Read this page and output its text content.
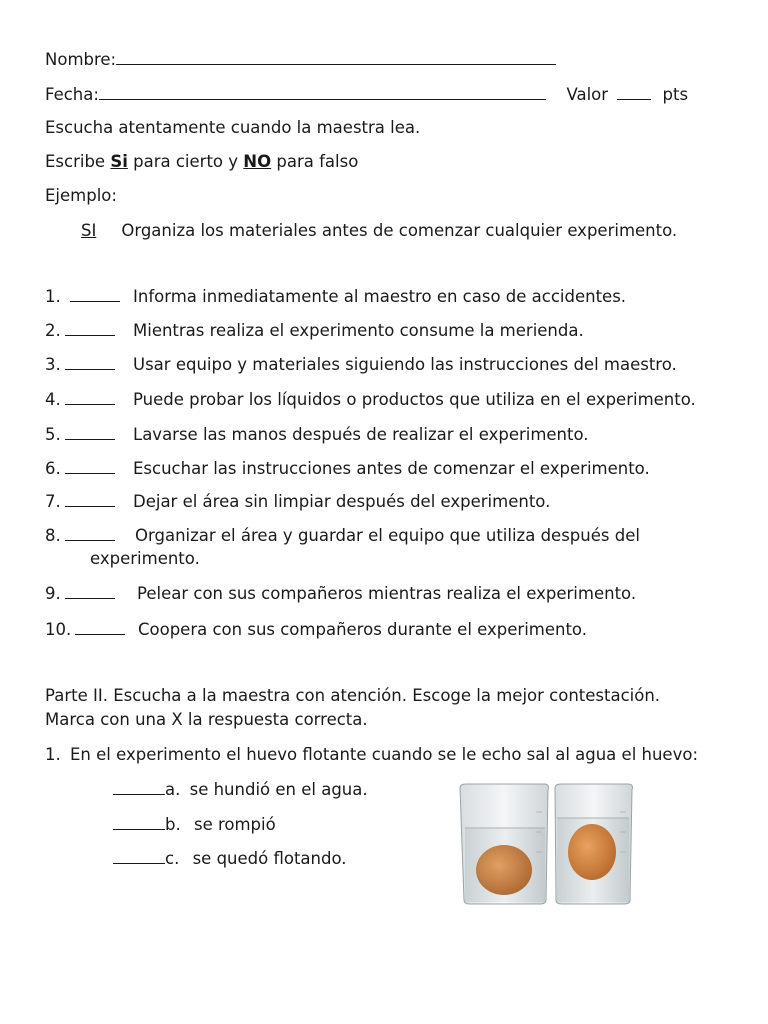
Nombre:
Fecha:	Valor	pts
Escucha atentamente cuando la maestra lea.
Escribe Si para cierto y NO para falso
Ejemplo:
SI Organiza los materiales antes de comenzar cualquier experimento.
1.	Informa inmediatamente al maestro en caso de accidentes.
2.	Mientras realiza el experimento consume la merienda.
3.	Usar equipo y materiales siguiendo las instrucciones del maestro.
4.	Puede probar los líquidos o productos que utiliza en el experimento.
5.	Lavarse las manos después de realizar el experimento.
6.	Escuchar las instrucciones antes de comenzar el experimento.
7.	Dejar el área sin limpiar después del experimento.
8.	Organizar el área y guardar el equipo que utiliza después del
experimento.
9.	Pelear con sus compañeros mientras realiza el experimento.
10.	Coopera con sus compañeros durante el experimento.
Parte II. Escucha a la maestra con atención. Escoge la mejor contestación.
Marca con una X la respuesta correcta.
1. En el experimento el huevo flotante cuando se le echo sal al agua el huevo:
a. se hundió en el agua.
b. se rompió
c. se quedó flotando.
